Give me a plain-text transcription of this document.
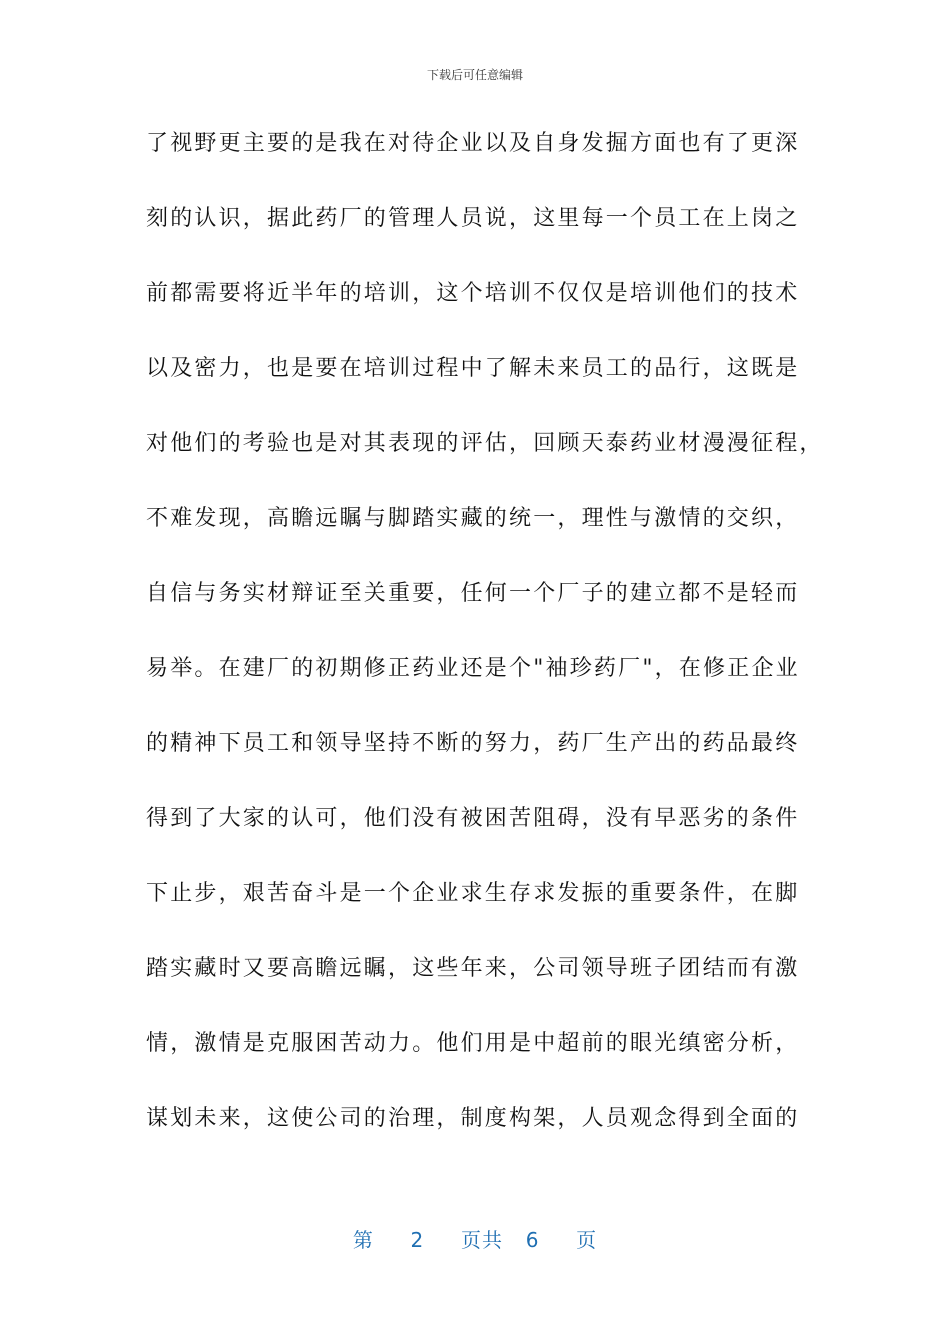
下载后可任意编辑
了视野更主要的是我在对待企业以及自身发掘方面也有了更深
刻的认识，据此药厂的管理人员说，这里每一个员工在上岗之
前都需要将近半年的培训，这个培训不仅仅是培训他们的技术
以及密力，也是要在培训过程中了解未来员工的品行，这既是
对他们的考验也是对其表现的评估，回顾天泰药业材漫漫征程，
不难发现，高瞻远瞩与脚踏实藏的统一，理性与激情的交织，
自信与务实材辩证至关重要，任何一个厂子的建立都不是轻而
易举。在建厂的初期修正药业还是个"袖珍药厂"，在修正企业
的精神下员工和领导坚持不断的努力，药厂生产出的药品最终
得到了大家的认可，他们没有被困苦阻碍，没有早恶劣的条件
下止步，艰苦奋斗是一个企业求生存求发振的重要条件，在脚
踏实藏时又要高瞻远瞩，这些年来，公司领导班子团结而有激
情，激情是克服困苦动力。他们用是中超前的眼光缜密分析，
谋划未来，这使公司的治理，制度构架，人员观念得到全面的
第 2 页共 6 页
